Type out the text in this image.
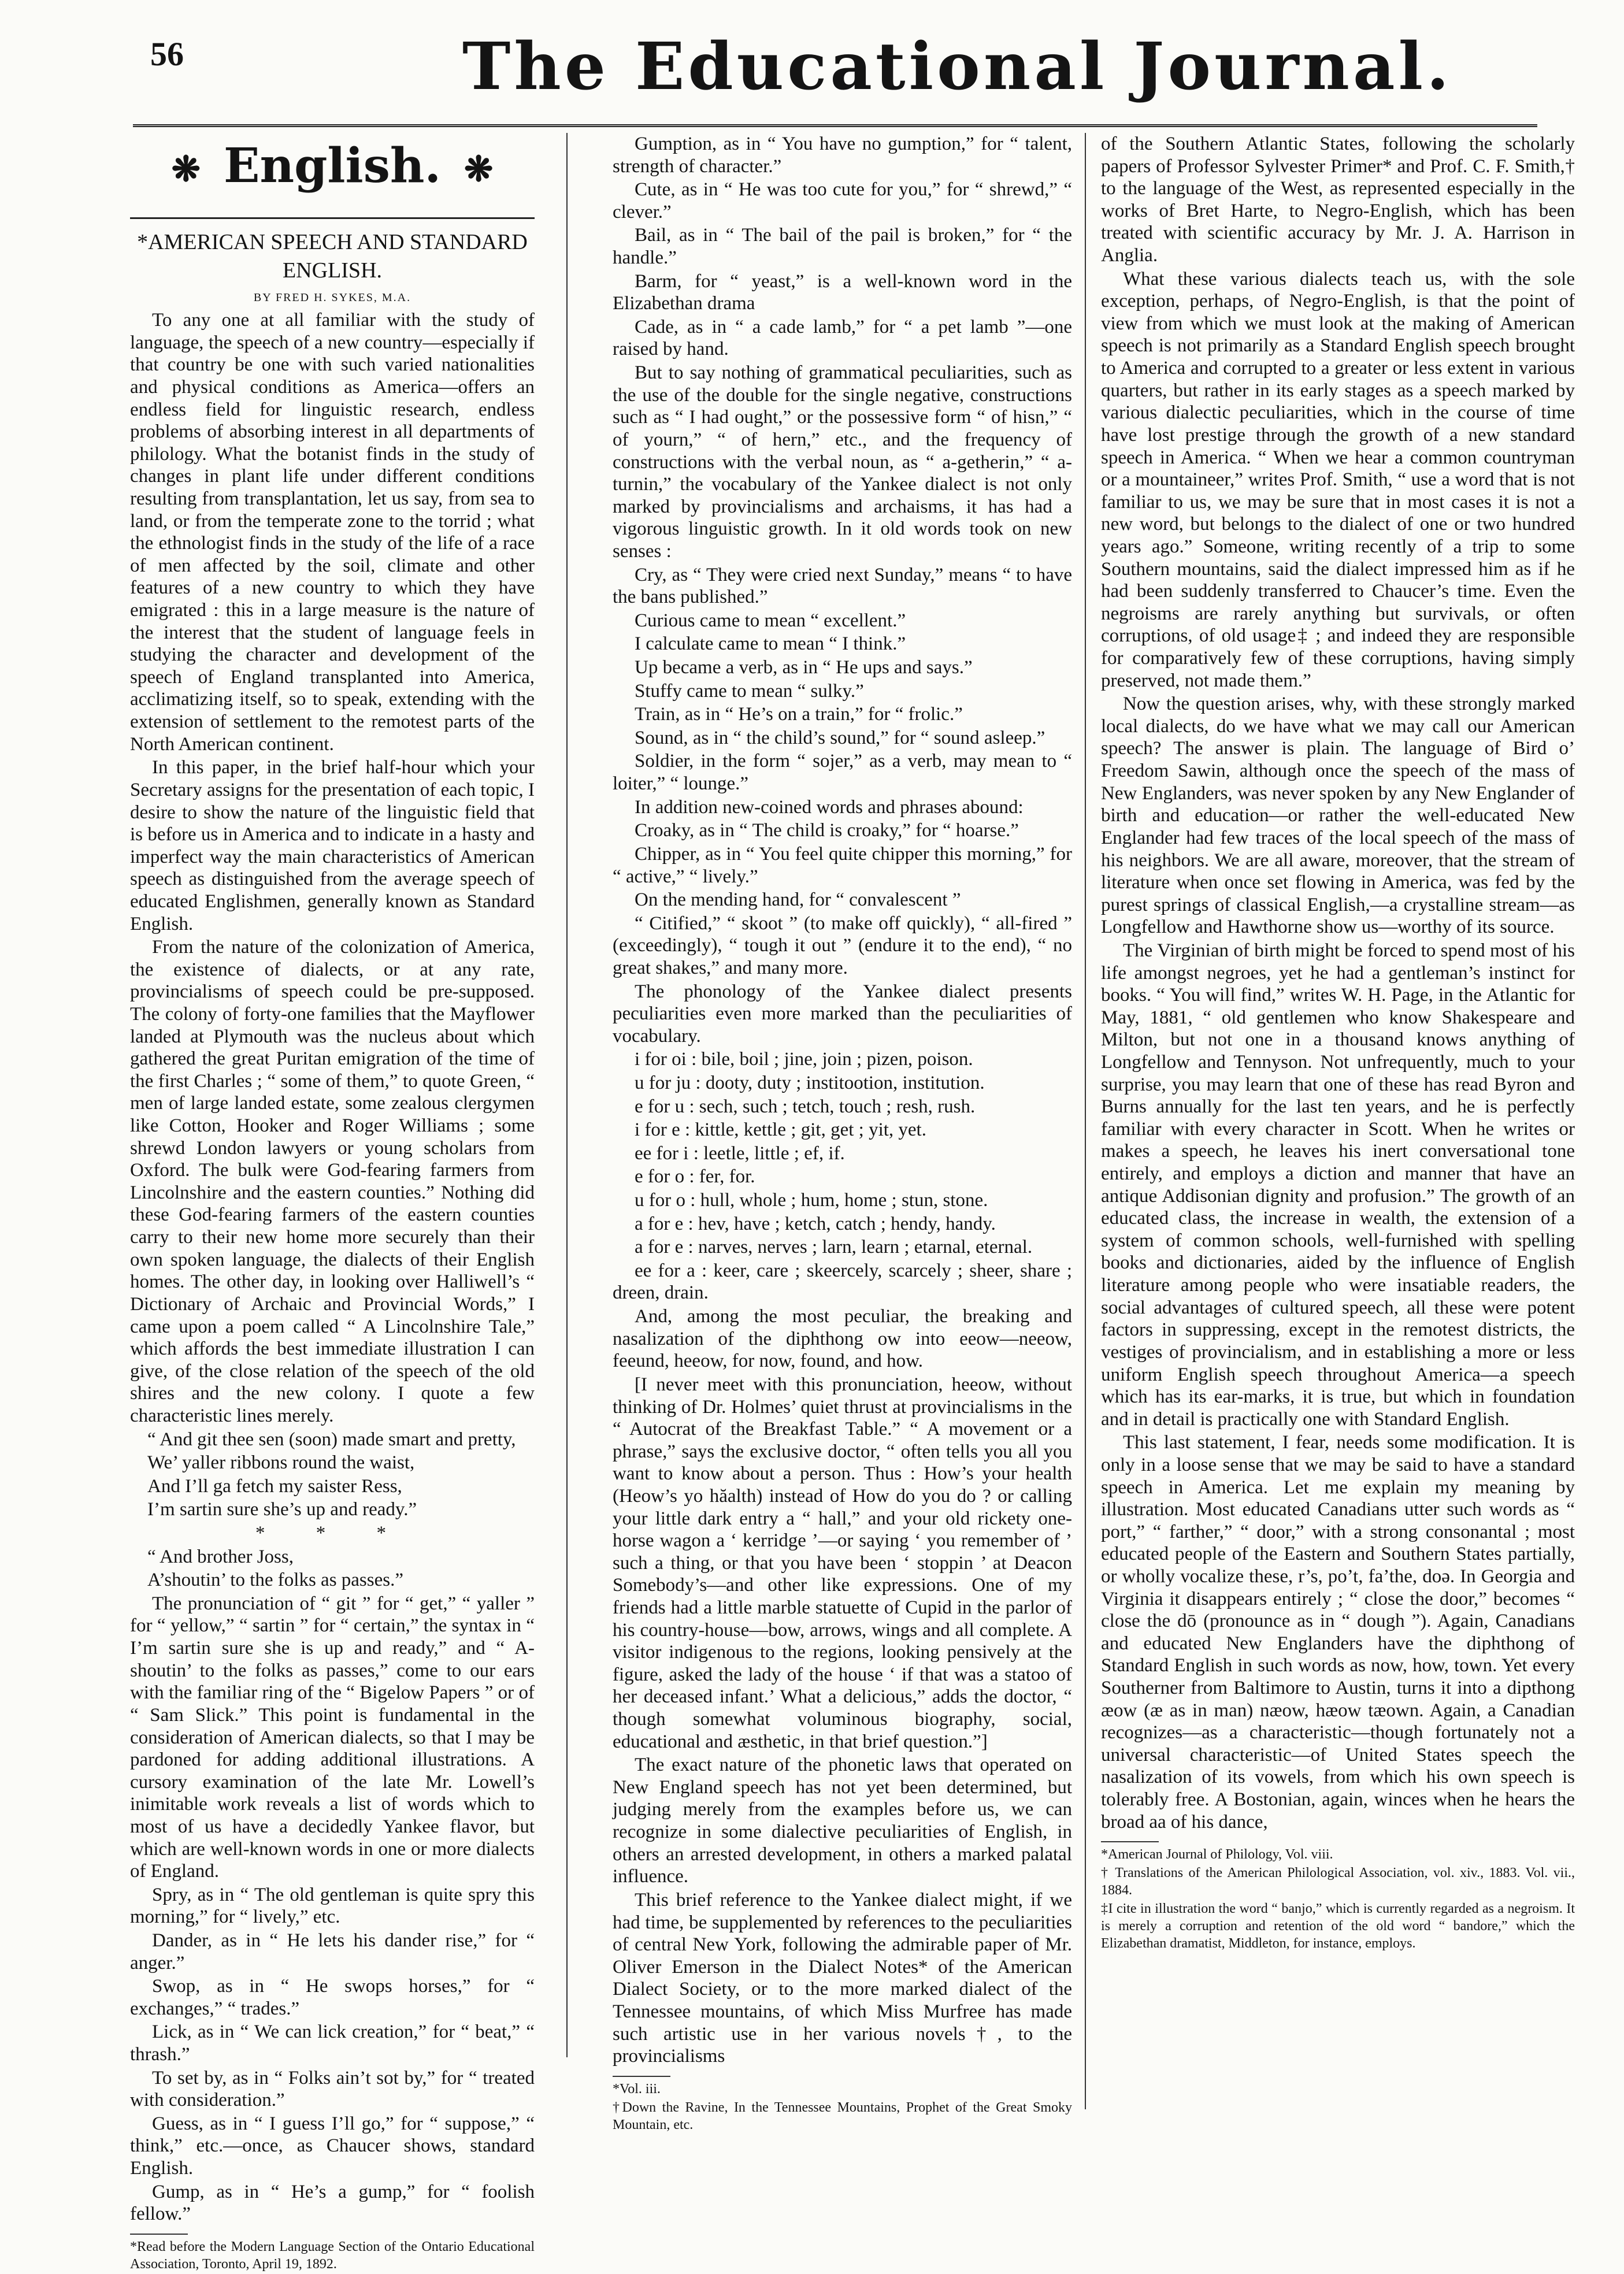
56	The Educational Journal.
❋ English. ❋
*AMERICAN SPEECH AND STANDARD ENGLISH.
BY FRED H. SYKES, M.A.

To any one at all familiar with the study of language, the speech of a new country—especially if that country be one with such varied nationalities and physical conditions as America—offers an endless field for linguistic research, endless problems of absorbing interest in all departments of philology. What the botanist finds in the study of changes in plant life under different conditions resulting from transplantation, let us say, from sea to land, or from the temperate zone to the torrid ; what the ethnologist finds in the study of the life of a race of men affected by the soil, climate and other features of a new country to which they have emigrated : this in a large measure is the nature of the interest that the student of language feels in studying the character and development of the speech of England transplanted into America, acclimatizing itself, so to speak, extending with the extension of settlement to the remotest parts of the North American continent.

In this paper, in the brief half-hour which your Secretary assigns for the presentation of each topic, I desire to show the nature of the linguistic field that is before us in America and to indicate in a hasty and imperfect way the main characteristics of American speech as distinguished from the average speech of educated Englishmen, generally known as Standard English.

From the nature of the colonization of America, the existence of dialects, or at any rate, provincialisms of speech could be pre-supposed. The colony of forty-one families that the Mayflower landed at Plymouth was the nucleus about which gathered the great Puritan emigration of the time of the first Charles ; “ some of them,” to quote Green, “ men of large landed estate, some zealous clergymen like Cotton, Hooker and Roger Williams ; some shrewd London lawyers or young scholars from Oxford. The bulk were God-fearing farmers from Lincolnshire and the eastern counties.” Nothing did these God-fearing farmers of the eastern counties carry to their new home more securely than their own spoken language, the dialects of their English homes. The other day, in looking over Halliwell’s “ Dictionary of Archaic and Provincial Words,” I came upon a poem called “ A Lincolnshire Tale,” which affords the best immediate illustration I can give, of the close relation of the speech of the old shires and the new colony. I quote a few characteristic lines merely.

“ And git thee sen (soon) made smart and pretty,

We’ yaller ribbons round the waist,

And I’ll ga fetch my saister Ress,

I’m sartin sure she’s up and ready.”

* * *

“ And brother Joss,

A’shoutin’ to the folks as passes.”

The pronunciation of “ git ” for “ get,” “ yaller ” for “ yellow,” “ sartin ” for “ certain,” the syntax in “ I’m sartin sure she is up and ready,” and “ A-shoutin’ to the folks as passes,” come to our ears with the familiar ring of the “ Bigelow Papers ” or of “ Sam Slick.” This point is fundamental in the consideration of American dialects, so that I may be pardoned for adding additional illustrations. A cursory examination of the late Mr. Lowell’s inimitable work reveals a list of words which to most of us have a decidedly Yankee flavor, but which are well-known words in one or more dialects of England.

Spry, as in “ The old gentleman is quite spry this morning,” for “ lively,” etc.

Dander, as in “ He lets his dander rise,” for “ anger.”

Swop, as in “ He swops horses,” for “ exchanges,” “ trades.”

Lick, as in “ We can lick creation,” for “ beat,” “ thrash.”

To set by, as in “ Folks ain’t sot by,” for “ treated with consideration.”

Guess, as in “ I guess I’ll go,” for “ suppose,” “ think,” etc.—once, as Chaucer shows, standard English.

Gump, as in “ He’s a gump,” for “ foolish fellow.”

*Read before the Modern Language Section of the Ontario Educational Association, Toronto, April 19, 1892.

Gumption, as in “ You have no gumption,” for “ talent, strength of character.”

Cute, as in “ He was too cute for you,” for “ shrewd,” “ clever.”

Bail, as in “ The bail of the pail is broken,” for “ the handle.”

Barm, for “ yeast,” is a well-known word in the Elizabethan drama

Cade, as in “ a cade lamb,” for “ a pet lamb ”—one raised by hand.

But to say nothing of grammatical peculiarities, such as the use of the double for the single negative, constructions such as “ I had ought,” or the possessive form “ of hisn,” “ of yourn,” “ of hern,” etc., and the frequency of constructions with the verbal noun, as “ a-getherin,” “ a-turnin,” the vocabulary of the Yankee dialect is not only marked by provincialisms and archaisms, it has had a vigorous linguistic growth. In it old words took on new senses :

Cry, as “ They were cried next Sunday,” means “ to have the bans published.”

Curious came to mean “ excellent.”

I calculate came to mean “ I think.”

Up became a verb, as in “ He ups and says.”

Stuffy came to mean “ sulky.”

Train, as in “ He’s on a train,” for “ frolic.”

Sound, as in “ the child’s sound,” for “ sound asleep.”

Soldier, in the form “ sojer,” as a verb, may mean to “ loiter,” “ lounge.”

In addition new-coined words and phrases abound:

Croaky, as in “ The child is croaky,” for “ hoarse.”

Chipper, as in “ You feel quite chipper this morning,” for “ active,” “ lively.”

On the mending hand, for “ convalescent ”

“ Citified,” “ skoot ” (to make off quickly), “ all-fired ” (exceedingly), “ tough it out ” (endure it to the end), “ no great shakes,” and many more.

The phonology of the Yankee dialect presents peculiarities even more marked than the peculiarities of vocabulary.

i for oi : bile, boil ; jine, join ; pizen, poison.

u for ju : dooty, duty ; institootion, institution.

e for u : sech, such ; tetch, touch ; resh, rush.

i for e : kittle, kettle ; git, get ; yit, yet.

ee for i : leetle, little ; ef, if.

e for o : fer, for.

u for o : hull, whole ; hum, home ; stun, stone.

a for e : hev, have ; ketch, catch ; hendy, handy.

a for e : narves, nerves ; larn, learn ; etarnal, eternal.

ee for a : keer, care ; skeercely, scarcely ; sheer, share ; dreen, drain.

And, among the most peculiar, the breaking and nasalization of the diphthong ow into eeow—neeow, feeund, heeow, for now, found, and how.

[I never meet with this pronunciation, heeow, without thinking of Dr. Holmes’ quiet thrust at provincialisms in the “ Autocrat of the Breakfast Table.” “ A movement or a phrase,” says the exclusive doctor, “ often tells you all you want to know about a person. Thus : How’s your health (Heow’s yo hăalth) instead of How do you do ? or calling your little dark entry a “ hall,” and your old rickety one-horse wagon a ‘ kerridge ’—or saying ‘ you remember of ’ such a thing, or that you have been ‘ stoppin ’ at Deacon Somebody’s—and other like expressions. One of my friends had a little marble statuette of Cupid in the parlor of his country-house—bow, arrows, wings and all complete. A visitor indigenous to the regions, looking pensively at the figure, asked the lady of the house ‘ if that was a statoo of her deceased infant.’ What a delicious,” adds the doctor, “ though somewhat voluminous biography, social, educational and æsthetic, in that brief question.”]

The exact nature of the phonetic laws that operated on New England speech has not yet been determined, but judging merely from the examples before us, we can recognize in some dialective peculiarities of English, in others an arrested development, in others a marked palatal influence.

This brief reference to the Yankee dialect might, if we had time, be supplemented by references to the peculiarities of central New York, following the admirable paper of Mr. Oliver Emerson in the Dialect Notes* of the American Dialect Society, or to the more marked dialect of the Tennessee mountains, of which Miss Murfree has made such artistic use in her various novels†, to the provincialisms

*Vol. iii.

†Down the Ravine, In the Tennessee Mountains, Prophet of the Great Smoky Mountain, etc.

of the Southern Atlantic States, following the scholarly papers of Professor Sylvester Primer* and Prof. C. F. Smith,† to the language of the West, as represented especially in the works of Bret Harte, to Negro-English, which has been treated with scientific accuracy by Mr. J. A. Harrison in Anglia.

What these various dialects teach us, with the sole exception, perhaps, of Negro-English, is that the point of view from which we must look at the making of American speech is not primarily as a Standard English speech brought to America and corrupted to a greater or less extent in various quarters, but rather in its early stages as a speech marked by various dialectic peculiarities, which in the course of time have lost prestige through the growth of a new standard speech in America. “ When we hear a common countryman or a mountaineer,” writes Prof. Smith, “ use a word that is not familiar to us, we may be sure that in most cases it is not a new word, but belongs to the dialect of one or two hundred years ago.” Someone, writing recently of a trip to some Southern mountains, said the dialect impressed him as if he had been suddenly transferred to Chaucer’s time. Even the negroisms are rarely anything but survivals, or often corruptions, of old usage‡ ; and indeed they are responsible for comparatively few of these corruptions, having simply preserved, not made them.”

Now the question arises, why, with these strongly marked local dialects, do we have what we may call our American speech? The answer is plain. The language of Bird o’ Freedom Sawin, although once the speech of the mass of New Englanders, was never spoken by any New Englander of birth and education—or rather the well-educated New Englander had few traces of the local speech of the mass of his neighbors. We are all aware, moreover, that the stream of literature when once set flowing in America, was fed by the purest springs of classical English,—a crystalline stream—as Longfellow and Hawthorne show us—worthy of its source.

The Virginian of birth might be forced to spend most of his life amongst negroes, yet he had a gentleman’s instinct for books. “ You will find,” writes W. H. Page, in the Atlantic for May, 1881, “ old gentlemen who know Shakespeare and Milton, but not one in a thousand knows anything of Longfellow and Tennyson. Not unfrequently, much to your surprise, you may learn that one of these has read Byron and Burns annually for the last ten years, and he is perfectly familiar with every character in Scott. When he writes or makes a speech, he leaves his inert conversational tone entirely, and employs a diction and manner that have an antique Addisonian dignity and profusion.” The growth of an educated class, the increase in wealth, the extension of a system of common schools, well-furnished with spelling books and dictionaries, aided by the influence of English literature among people who were insatiable readers, the social advantages of cultured speech, all these were potent factors in suppressing, except in the remotest districts, the vestiges of provincialism, and in establishing a more or less uniform English speech throughout America—a speech which has its ear-marks, it is true, but which in foundation and in detail is practically one with Standard English.

This last statement, I fear, needs some modification. It is only in a loose sense that we may be said to have a standard speech in America. Let me explain my meaning by illustration. Most educated Canadians utter such words as “ port,” “ farther,” “ door,” with a strong consonantal ; most educated people of the Eastern and Southern States partially, or wholly vocalize these, r’s, po’t, fa’the, doǝ. In Georgia and Virginia it disappears entirely ; “ close the door,” becomes “ close the dō (pronounce as in “ dough ”). Again, Canadians and educated New Englanders have the diphthong of Standard English in such words as now, how, town. Yet every Southerner from Baltimore to Austin, turns it into a dipthong æow (æ as in man) næow, hæow tæown. Again, a Canadian recognizes—as a characteristic—though fortunately not a universal characteristic—of United States speech the nasalization of its vowels, from which his own speech is tolerably free. A Bostonian, again, winces when he hears the broad aa of his dance,

*American Journal of Philology, Vol. viii.

† Translations of the American Philological Association, vol. xiv., 1883. Vol. vii., 1884.

‡I cite in illustration the word “ banjo,” which is currently regarded as a negroism. It is merely a corruption and retention of the old word “ bandore,” which the Elizabethan dramatist, Middleton, for instance, employs.
